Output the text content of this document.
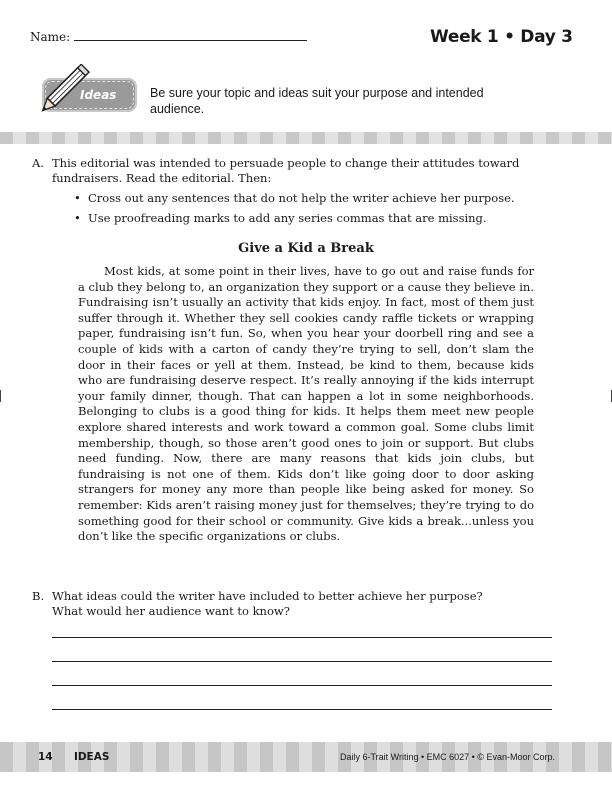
Name:	Week 1 • Day 3
Ideas	Be sure your topic and ideas suit your purpose and intended audience.
A. This editorial was intended to persuade people to change their attitudes toward fundraisers. Read the editorial. Then:
• Cross out any sentences that do not help the writer achieve her purpose.
• Use proofreading marks to add any series commas that are missing.
Give a Kid a Break

Most kids, at some point in their lives, have to go out and raise funds for a club they belong to, an organization they support or a cause they believe in. Fundraising isn’t usually an activity that kids enjoy. In fact, most of them just suffer through it. Whether they sell cookies candy raffle tickets or wrapping paper, fundraising isn’t fun. So, when you hear your doorbell ring and see a couple of kids with a carton of candy they’re trying to sell, don’t slam the door in their faces or yell at them. Instead, be kind to them, because kids who are fundraising deserve respect. It’s really annoying if the kids interrupt your family dinner, though. That can happen a lot in some neighborhoods. Belonging to clubs is a good thing for kids. It helps them meet new people explore shared interests and work toward a common goal. Some clubs limit membership, though, so those aren’t good ones to join or support. But clubs need funding. Now, there are many reasons that kids join clubs, but fundraising is not one of them. Kids don’t like going door to door asking strangers for money any more than people like being asked for money. So remember: Kids aren’t raising money just for themselves; they’re trying to do something good for their school or community. Give kids a break...unless you don’t like the specific organizations or clubs.

B. What ideas could the writer have included to better achieve her purpose?
What would her audience want to know?
14 IDEAS	Daily 6-Trait Writing • EMC 6027 • © Evan-Moor Corp.
